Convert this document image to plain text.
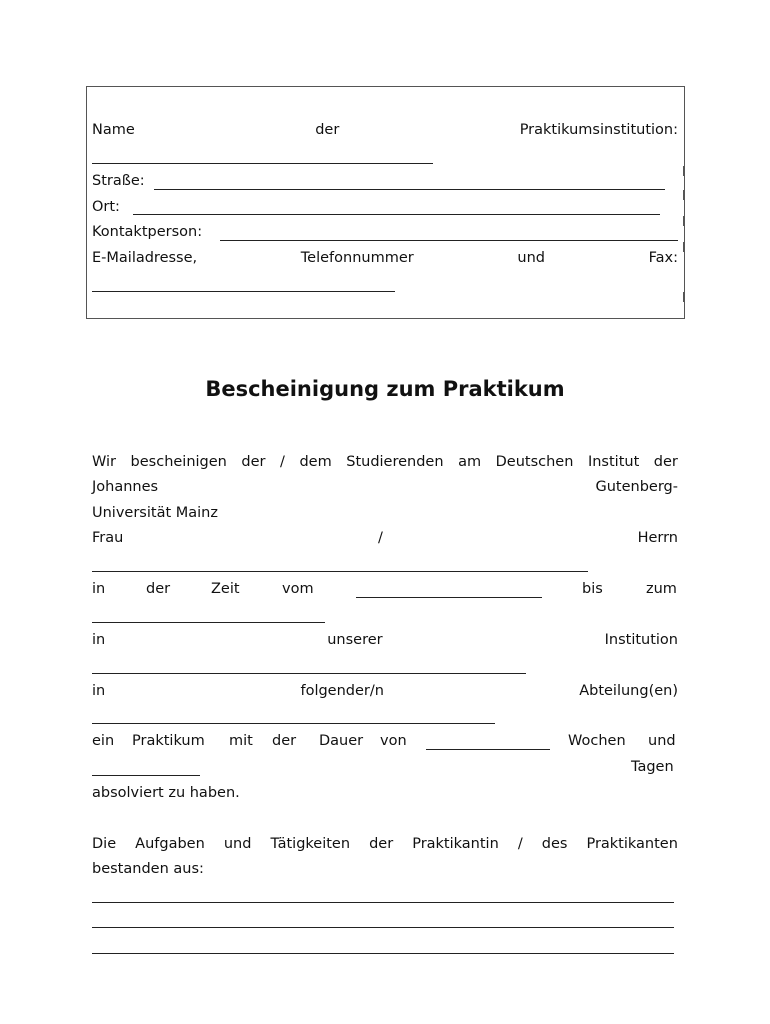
Name	der	Praktikumsinstitution:
Straße:
Ort:
Kontaktperson:
E-Mailadresse,	Telefonnummer	und	Fax:
Bescheinigung zum Praktikum
Wir bescheinigen der / dem Studierenden am Deutschen Institut der
Johannes	Gutenberg-
Universität Mainz
Frau	/	Herrn
in	der	Zeit	vom	bis	zum
in	unserer	Institution
in	folgender/n	Abteilung(en)
ein Praktikum mit der Dauer von	Wochen und
Tagen
absolviert zu haben.
Die Aufgaben und Tätigkeiten der Praktikantin / des Praktikanten
bestanden aus:
